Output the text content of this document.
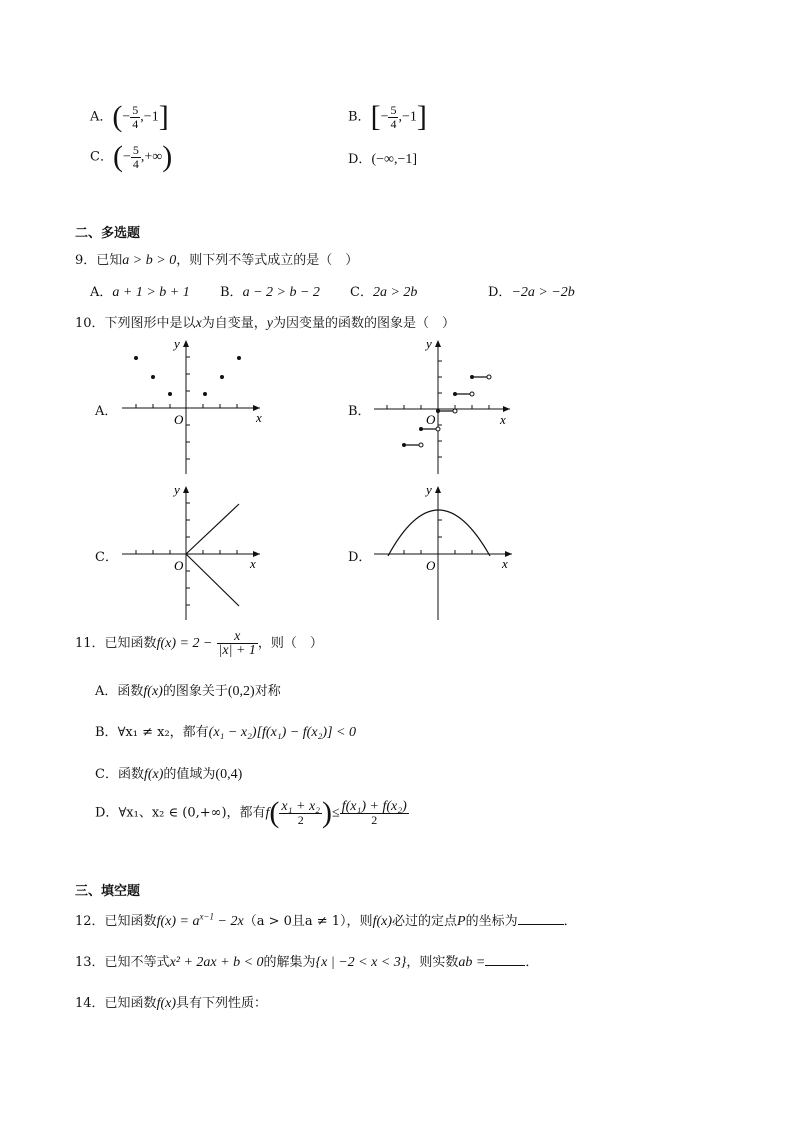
A．(− $\frac{5}{4} ,-1$]	B．[− $\frac{5}{4} ,-1$]
C．(− $\frac{5}{4}$ ,+∞)	D．(−∞,−1]
二、多选题
9．已知a > b > 0，则下列不等式成立的是（　）
A．a + 1 > b + 1 B．a − 2 > b − 2 C．2a > 2b	D．−2a > −2b
10．下列图形中是以x为自变量，y为因变量的函数的图象是（　）
A．	B．
C．	D．
x
y
O	x
y
O
x
y
O	x
y
O
11．已知函数$f(x) = 2 - \frac{x}{|x| + 1}$ ，则（　）
A．函数f(x)的图象关于(0,2)对称
B．∀x₁ ≠ x₂，都有(x₁ − x₂)[f(x₁) − f(x₂)] < 0
C．函数f(x)的值域为(0,4)
D．∀x₁、x₂ ∈ (0,+∞)，都有$f( \frac{\text{x₁ + x₂}}{2}$ )≤ $\frac{\text{f(x₁) + f(x₂)}}{2}$
三、填空题
12．已知函数$f(x) = a^{x-1} - 2x(a > 0$且a ≠ 1），则f(x)必过的定点P的坐标为	．
13．已知不等式x² + 2ax + b < 0的解集为{x | −2 < x < 3}，则实数ab =	．
14．已知函数f(x)具有下列性质：
